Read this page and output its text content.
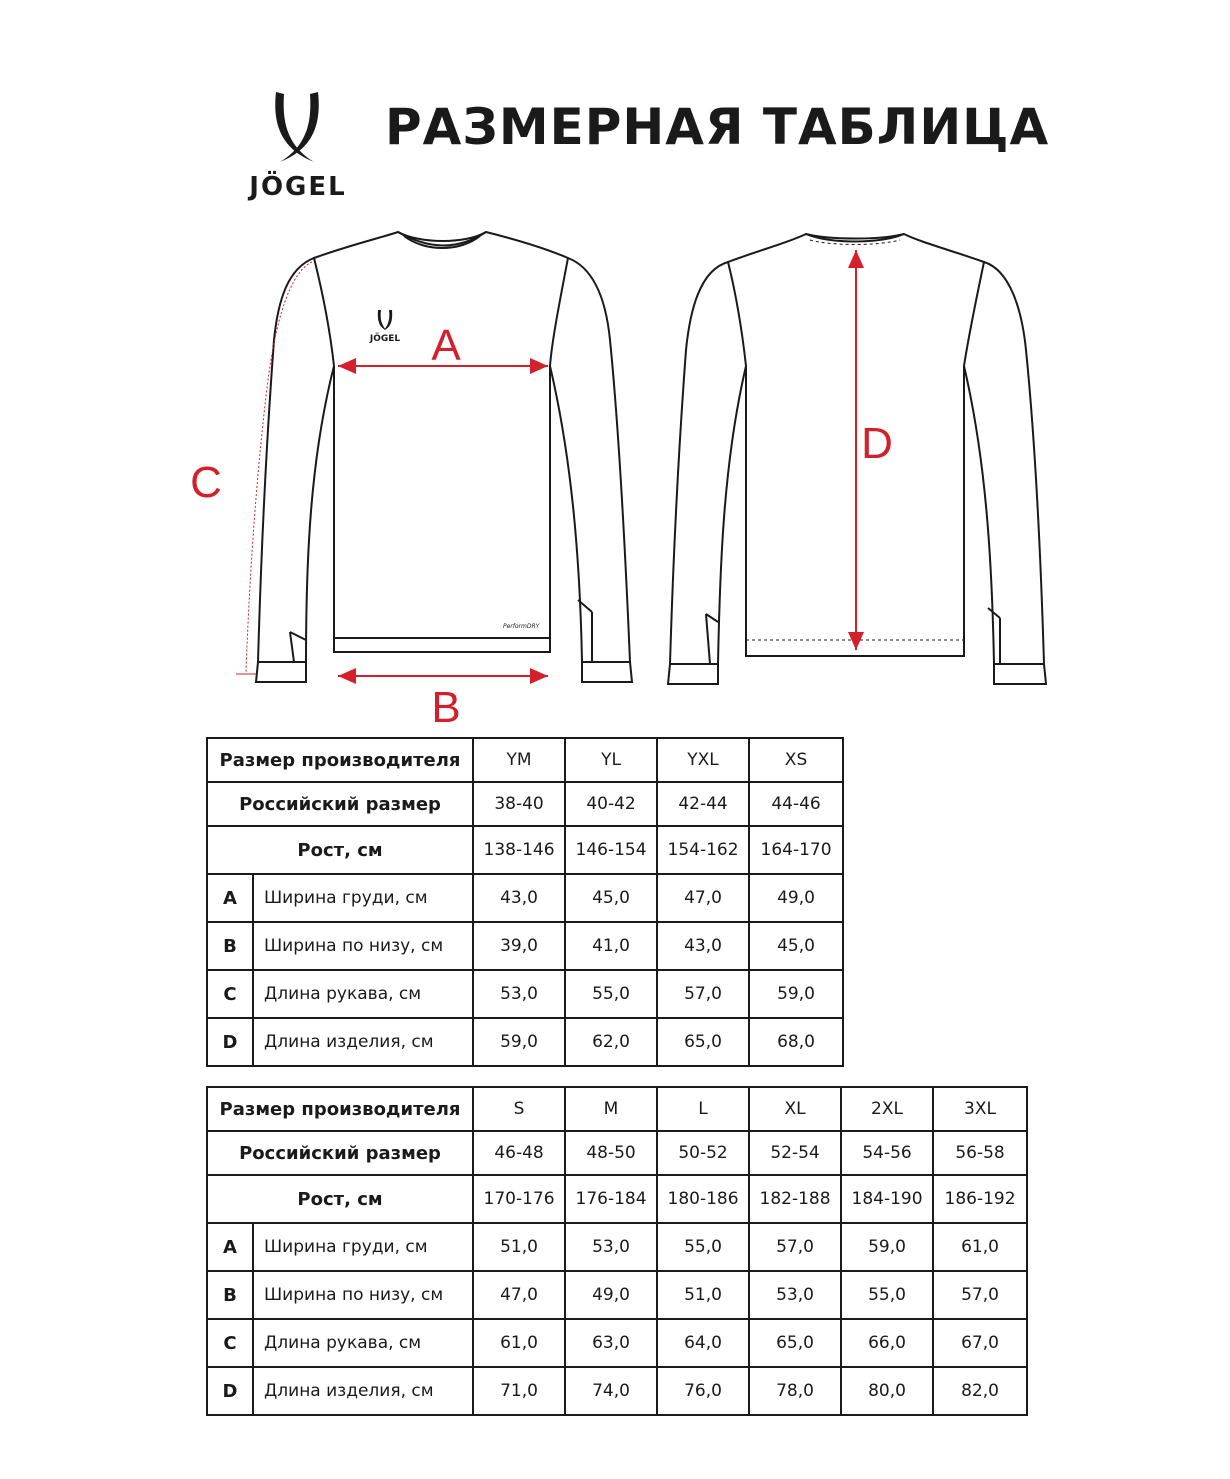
JÖGEL
РАЗМЕРНАЯ ТАБЛИЦА
JÖGEL
PerformDRY
A
B
C
D
Размер производителя		YM	YL	YXL	XS
Российский размер		38-40	40-42	42-44	44-46
Рост, см		138-146	146-154	154-162	164-170
A	Ширина груди, см	43,0	45,0	47,0	49,0
B	Ширина по низу, см	39,0	41,0	43,0	45,0
C	Длина рукава, см	53,0	55,0	57,0	59,0
D	Длина изделия, см	59,0	62,0	65,0	68,0
Размер производителя		S	M	L	XL	2XL	3XL
Российский размер		46-48	48-50	50-52	52-54	54-56	56-58
Рост, см		170-176	176-184	180-186	182-188	184-190	186-192
A	Ширина груди, см	51,0	53,0	55,0	57,0	59,0	61,0
B	Ширина по низу, см	47,0	49,0	51,0	53,0	55,0	57,0
C	Длина рукава, см	61,0	63,0	64,0	65,0	66,0	67,0
D	Длина изделия, см	71,0	74,0	76,0	78,0	80,0	82,0
